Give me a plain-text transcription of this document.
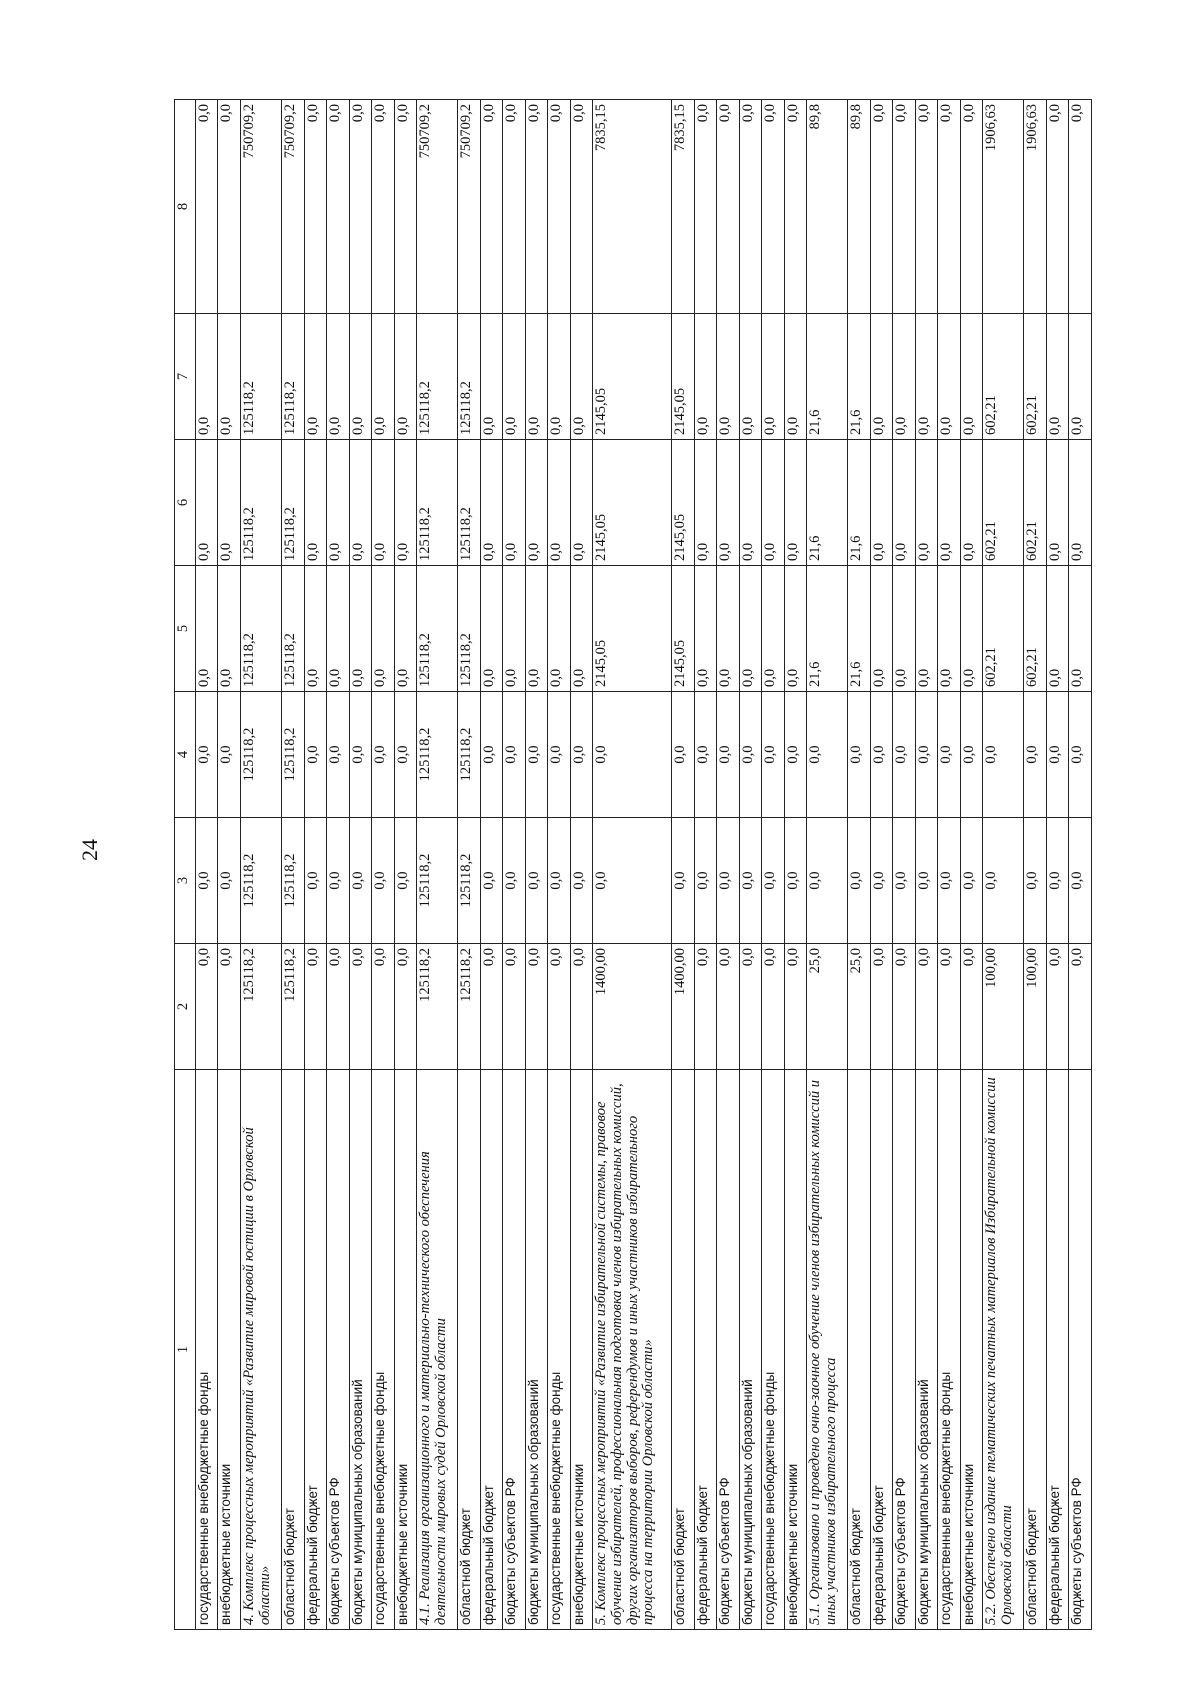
24
1	2	3	4	5	6	7	8
государственные внебюджетные фонды	0,0	0,0	0,0	0,0	0,0	0,0	0,0
внебюджетные источники	0,0	0,0	0,0	0,0	0,0	0,0	0,0
4. Комплекс процессных мероприятий «Развитие мировой юстиции в Орловской области»	125118,2	125118,2	125118,2	125118,2	125118,2	125118,2	750709,2
областной бюджет	125118,2	125118,2	125118,2	125118,2	125118,2	125118,2	750709,2
федеральный бюджет	0,0	0,0	0,0	0,0	0,0	0,0	0,0
бюджеты субъектов РФ	0,0	0,0	0,0	0,0	0,0	0,0	0,0
бюджеты муниципальных образований	0,0	0,0	0,0	0,0	0,0	0,0	0,0
государственные внебюджетные фонды	0,0	0,0	0,0	0,0	0,0	0,0	0,0
внебюджетные источники	0,0	0,0	0,0	0,0	0,0	0,0	0,0
4.1. Реализация организационного и материально-технического обеспечения деятельности мировых судей Орловской области	125118,2	125118,2	125118,2	125118,2	125118,2	125118,2	750709,2
областной бюджет	125118,2	125118,2	125118,2	125118,2	125118,2	125118,2	750709,2
федеральный бюджет	0,0	0,0	0,0	0,0	0,0	0,0	0,0
бюджеты субъектов РФ	0,0	0,0	0,0	0,0	0,0	0,0	0,0
бюджеты муниципальных образований	0,0	0,0	0,0	0,0	0,0	0,0	0,0
государственные внебюджетные фонды	0,0	0,0	0,0	0,0	0,0	0,0	0,0
внебюджетные источники	0,0	0,0	0,0	0,0	0,0	0,0	0,0
5. Комплекс процессных мероприятий «Развитие избирательной системы, правовое обучение избирателей, профессиональная подготовка членов избирательных комиссий, других организаторов выборов, референдумов и иных участников избирательного процесса на территории Орловской области»	1400,00	0,0	0,0	2145,05	2145,05	2145,05	7835,15
областной бюджет	1400,00	0,0	0,0	2145,05	2145,05	2145,05	7835,15
федеральный бюджет	0,0	0,0	0,0	0,0	0,0	0,0	0,0
бюджеты субъектов РФ	0,0	0,0	0,0	0,0	0,0	0,0	0,0
бюджеты муниципальных образований	0,0	0,0	0,0	0,0	0,0	0,0	0,0
государственные внебюджетные фонды	0,0	0,0	0,0	0,0	0,0	0,0	0,0
внебюджетные источники	0,0	0,0	0,0	0,0	0,0	0,0	0,0
5.1. Организовано и проведено очно-заочное обучение членов избирательных комиссий и иных участников избирательного процесса	25,0	0,0	0,0	21,6	21,6	21,6	89,8
областной бюджет	25,0	0,0	0,0	21,6	21,6	21,6	89,8
федеральный бюджет	0,0	0,0	0,0	0,0	0,0	0,0	0,0
бюджеты субъектов РФ	0,0	0,0	0,0	0,0	0,0	0,0	0,0
бюджеты муниципальных образований	0,0	0,0	0,0	0,0	0,0	0,0	0,0
государственные внебюджетные фонды	0,0	0,0	0,0	0,0	0,0	0,0	0,0
внебюджетные источники	0,0	0,0	0,0	0,0	0,0	0,0	0,0
5.2. Обеспечено издание тематических печатных материалов Избирательной комиссии Орловской области	100,00	0,0	0,0	602,21	602,21	602,21	1906,63
областной бюджет	100,00	0,0	0,0	602,21	602,21	602,21	1906,63
федеральный бюджет	0,0	0,0	0,0	0,0	0,0	0,0	0,0
бюджеты субъектов РФ	0,0	0,0	0,0	0,0	0,0	0,0	0,0
